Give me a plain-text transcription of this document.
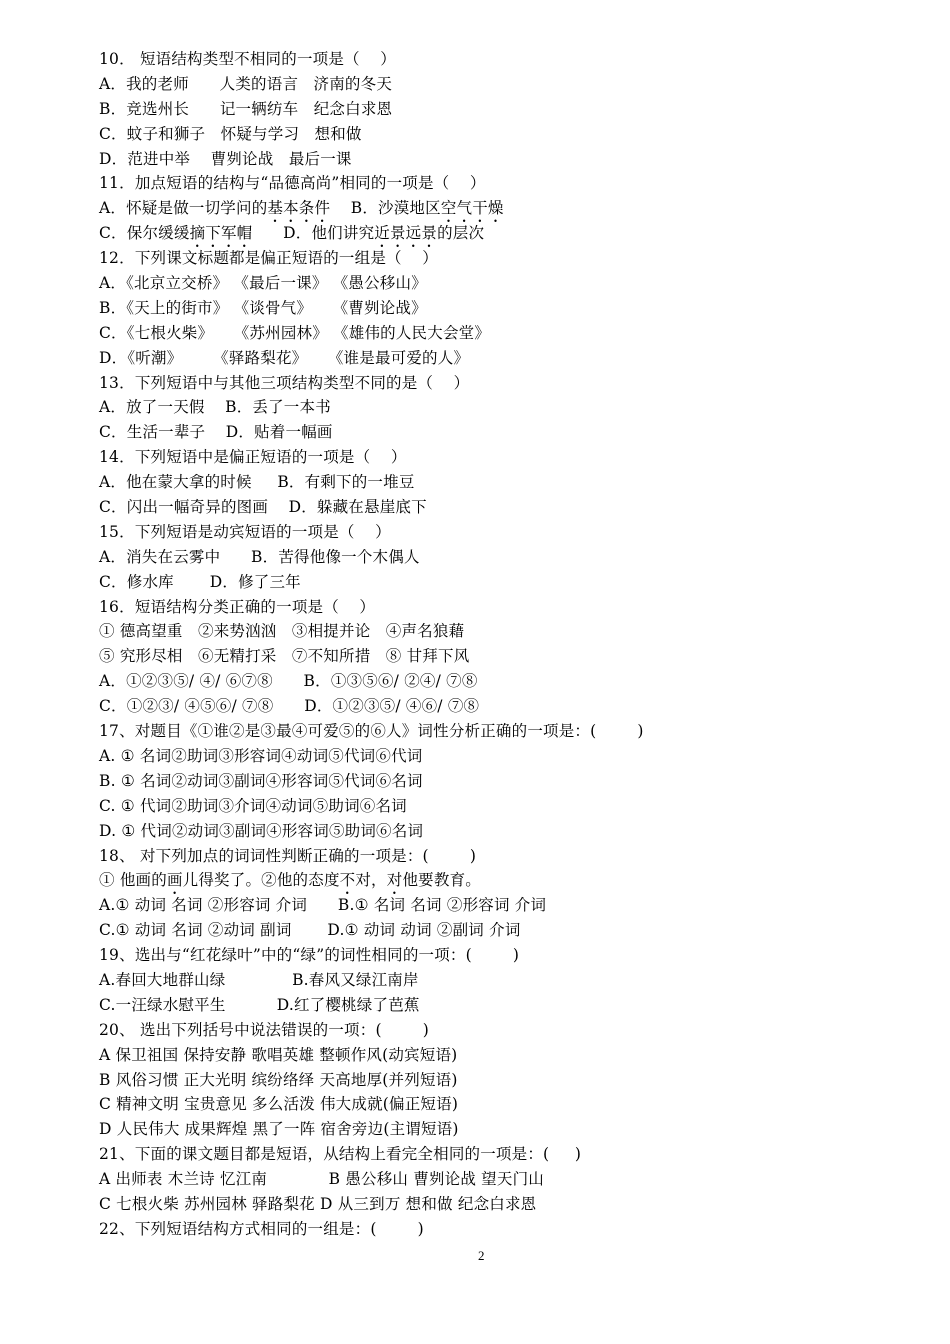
10． 短语结构类型不相同的一项是（    ）
A．我的老师      人类的语言   济南的冬天
B．竞选州长      记一辆纺车   纪念白求恩
C．蚊子和狮子   怀疑与学习   想和做
D．范进中举    曹刿论战   最后一课
11．加点短语的结构与“品德高尚”相同的一项是（    ）
A．怀疑是做一切学问的基本条件    B．沙漠地区空气干燥
C．保尔缓缓摘下军帽      D．他们讲究近景远景的层次
12．下列课文标题都是偏正短语的一组是（    ）
A．《北京立交桥》 《最后一课》 《愚公移山》
B．《天上的街市》 《谈骨气》    《曹刿论战》
C．《七根火柴》    《苏州园林》 《雄伟的人民大会堂》
D．《听潮》      《驿路梨花》    《谁是最可爱的人》
13．下列短语中与其他三项结构类型不同的是（    ）
A．放了一天假    B．丢了一本书
C．生活一辈子    D．贴着一幅画
14．下列短语中是偏正短语的一项是（    ）
A．他在蒙大拿的时候     B．有剩下的一堆豆
C．闪出一幅奇异的图画    D．躲藏在悬崖底下
15．下列短语是动宾短语的一项是（    ）
A．消失在云雾中      B．苦得他像一个木偶人
C．修水库       D．修了三年
16．短语结构分类正确的一项是（    ）
① 德高望重   ②来势汹汹   ③相提并论   ④声名狼藉
⑤ 究形尽相   ⑥无精打采   ⑦不知所措   ⑧ 甘拜下风
A．①②③⑤/ ④/ ⑥⑦⑧      B．①③⑤⑥/ ②④/ ⑦⑧
C．①②③/ ④⑤⑥/ ⑦⑧      D．①②③⑤/ ④⑥/ ⑦⑧
17、对题目《①谁②是③最④可爱⑤的⑥人》词性分析正确的一项是：(        )
A. ① 名词②助词③形容词④动词⑤代词⑥代词
B. ① 名词②动词③副词④形容词⑤代词⑥名词
C. ① 代词②助词③介词④动词⑤助词⑥名词
D. ① 代词②动词③副词④形容词⑤助词⑥名词
18、 对下列加点的词词性判断正确的一项是：(        )
① 他画的画儿得奖了。②他的态度不对，对他要教育。
A.① 动词 名词 ②形容词 介词      B.① 名词 名词 ②形容词 介词
C.① 动词 名词 ②动词 副词       D.① 动词 动词 ②副词 介词
19、选出与“红花绿叶”中的“绿”的词性相同的一项：(        )
A.春回大地群山绿             B.春风又绿江南岸
C.一汪绿水慰平生          D.红了樱桃绿了芭蕉
20、 选出下列括号中说法错误的一项：(        )
A 保卫祖国 保持安静 歌唱英雄 整顿作风(动宾短语)
B 风俗习惯 正大光明 缤纷络绎 天高地厚(并列短语)
C 精神文明 宝贵意见 多么活泼 伟大成就(偏正短语)
D 人民伟大 成果辉煌 黑了一阵 宿舍旁边(主谓短语)
21、下面的课文题目都是短语，从结构上看完全相同的一项是：(     )
A 出师表 木兰诗 忆江南            B 愚公移山 曹刿论战 望天门山
C 七根火柴 苏州园林 驿路梨花 D 从三到万 想和做 纪念白求恩
22、下列短语结构方式相同的一组是：(        )
2
